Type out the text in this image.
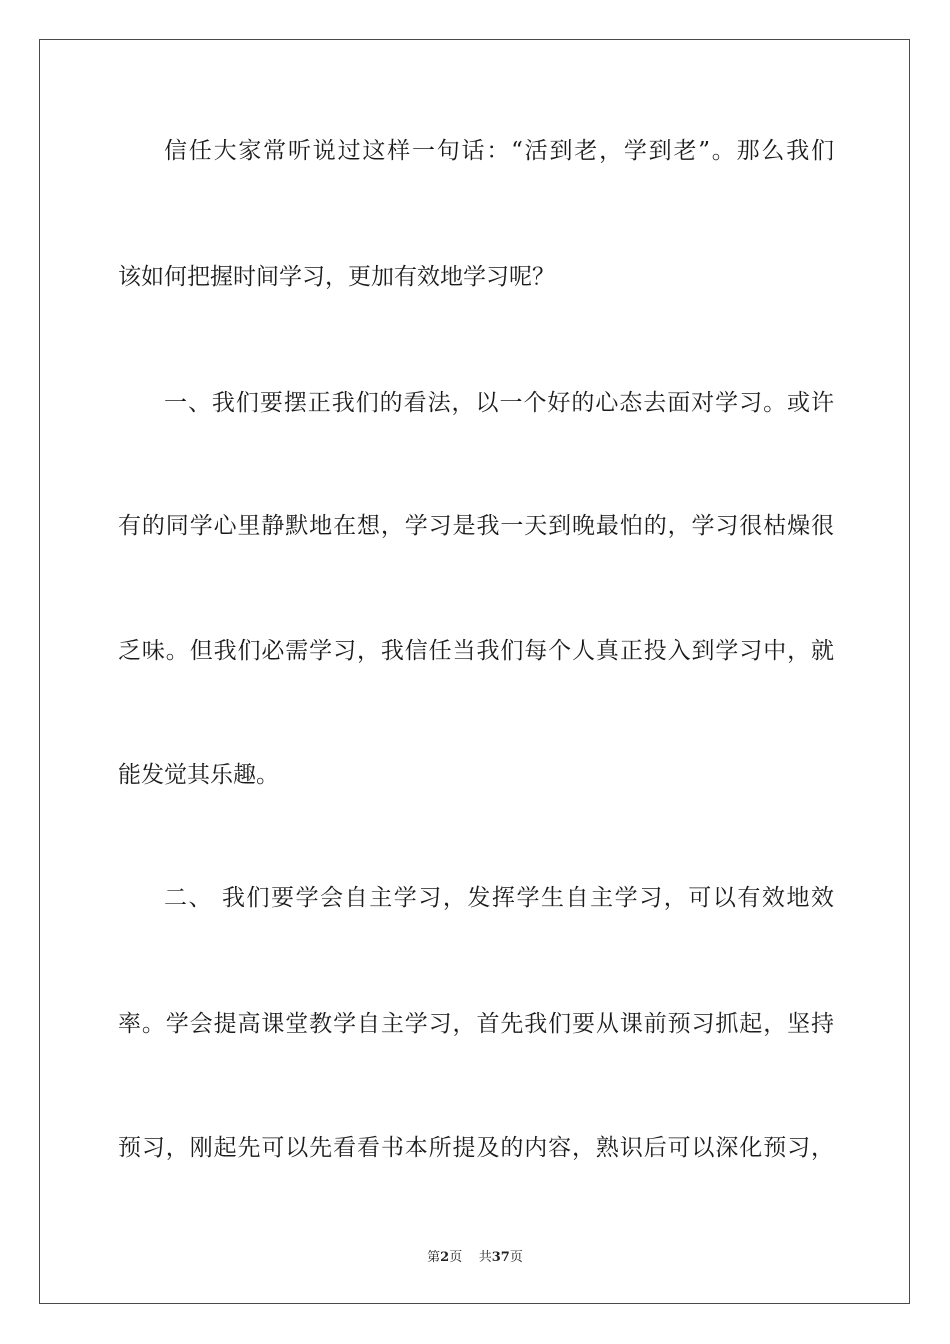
信任大家常听说过这样一句话：“活到老，学到老”。那么我们
该如何把握时间学习，更加有效地学习呢？
一、我们要摆正我们的看法，以一个好的心态去面对学习。或许
有的同学心里静默地在想，学习是我一天到晚最怕的，学习很枯燥很
乏味。但我们必需学习，我信任当我们每个人真正投入到学习中，就
能发觉其乐趣。
二、 我们要学会自主学习，发挥学生自主学习，可以有效地效
率。学会提高课堂教学自主学习，首先我们要从课前预习抓起，坚持
预习，刚起先可以先看看书本所提及的内容，熟识后可以深化预习，
第2页 共37页
